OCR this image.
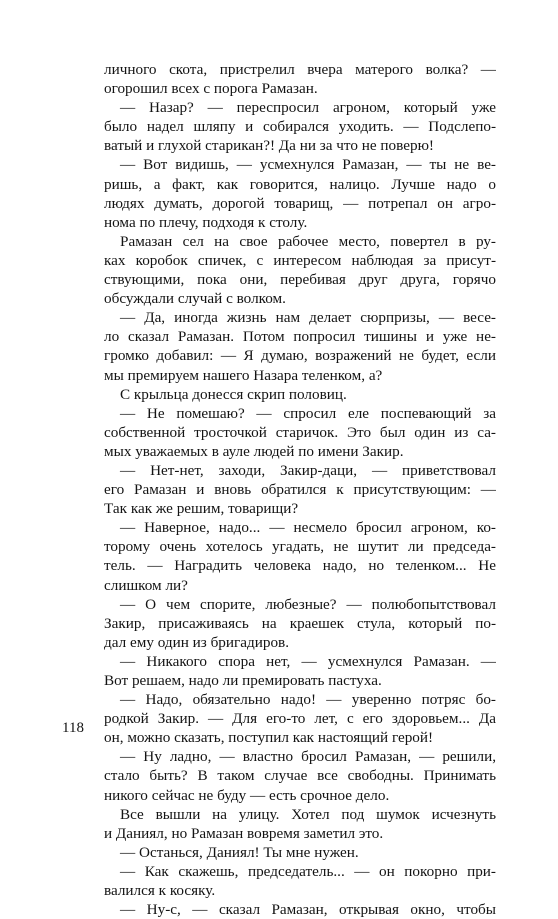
личного скота, пристрелил вчера матерого волка? —
огорошил всех с порога Рамазан.
— Назар? — переспросил агроном, который уже
было надел шляпу и собирался уходить. — Подслепо-
ватый и глухой старикан?! Да ни за что не поверю!
— Вот видишь, — усмехнулся Рамазан, — ты не ве-
ришь, а факт, как говорится, налицо. Лучше надо о
людях думать, дорогой товарищ, — потрепал он агро-
нома по плечу, подходя к столу.
Рамазан сел на свое рабочее место, повертел в ру-
ках коробок спичек, с интересом наблюдая за присут-
ствующими, пока они, перебивая друг друга, горячо
обсуждали случай с волком.
— Да, иногда жизнь нам делает сюрпризы, — весе-
ло сказал Рамазан. Потом попросил тишины и уже не-
громко добавил: — Я думаю, возражений не будет, если
мы премируем нашего Назара теленком, а?
С крыльца донесся скрип половиц.
— Не помешаю? — спросил еле поспевающий за
собственной тросточкой старичок. Это был один из са-
мых уважаемых в ауле людей по имени Закир.
— Нет-нет, заходи, Закир-даци, — приветствовал
его Рамазан и вновь обратился к присутствующим: —
Так как же решим, товарищи?
— Наверное, надо... — несмело бросил агроном, ко-
торому очень хотелось угадать, не шутит ли председа-
тель. — Наградить человека надо, но теленком... Не
слишком ли?
— О чем спорите, любезные? — полюбопытствовал
Закир, присаживаясь на краешек стула, который по-
дал ему один из бригадиров.
— Никакого спора нет, — усмехнулся Рамазан. —
Вот решаем, надо ли премировать пастуха.
— Надо, обязательно надо! — уверенно потряс бо-
родкой Закир. — Для его-то лет, с его здоровьем... Да
он, можно сказать, поступил как настоящий герой!
— Ну ладно, — властно бросил Рамазан, — решили,
стало быть? В таком случае все свободны. Принимать
никого сейчас не буду — есть срочное дело.
Все вышли на улицу. Хотел под шумок исчезнуть
и Даниял, но Рамазан вовремя заметил это.
— Останься, Даниял! Ты мне нужен.
— Как скажешь, председатель... — он покорно при-
валился к косяку.
— Ну-с, — сказал Рамазан, открывая окно, чтобы
118
